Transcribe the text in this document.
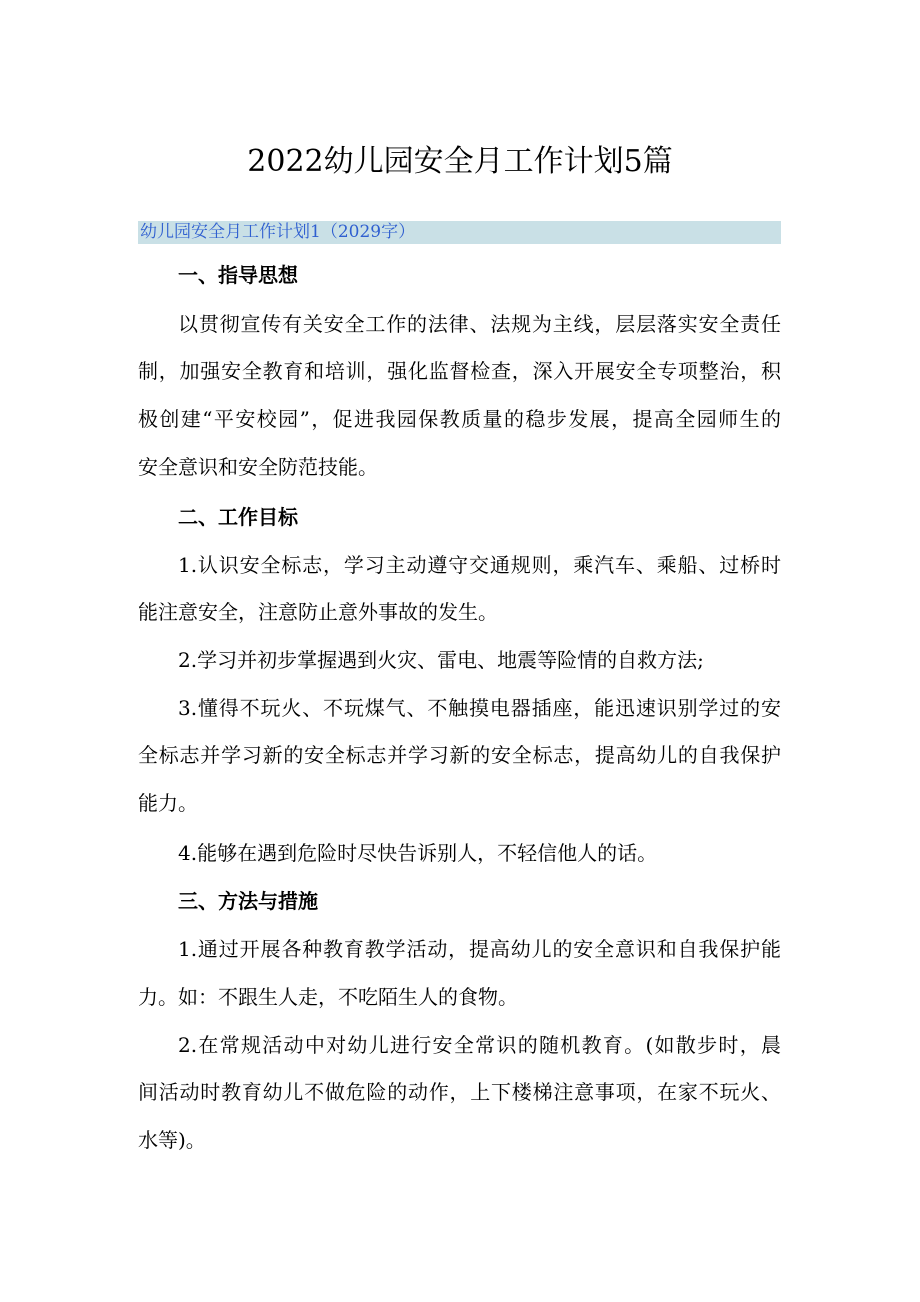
2022幼儿园安全月工作计划5篇
幼儿园安全月工作计划1（2029字）
一、指导思想

以贯彻宣传有关安全工作的法律、法规为主线，层层落实安全责任

制，加强安全教育和培训，强化监督检查，深入开展安全专项整治，积

极创建“平安校园”，促进我园保教质量的稳步发展，提高全园师生的

安全意识和安全防范技能。

二、工作目标

1.认识安全标志，学习主动遵守交通规则，乘汽车、乘船、过桥时

能注意安全，注意防止意外事故的发生。

2.学习并初步掌握遇到火灾、雷电、地震等险情的自救方法;

3.懂得不玩火、不玩煤气、不触摸电器插座，能迅速识别学过的安

全标志并学习新的安全标志并学习新的安全标志，提高幼儿的自我保护

能力。

4.能够在遇到危险时尽快告诉别人，不轻信他人的话。

三、方法与措施

1.通过开展各种教育教学活动，提高幼儿的安全意识和自我保护能

力。如：不跟生人走，不吃陌生人的食物。

2.在常规活动中对幼儿进行安全常识的随机教育。(如散步时，晨

间活动时教育幼儿不做危险的动作，上下楼梯注意事项，在家不玩火、

水等)。
